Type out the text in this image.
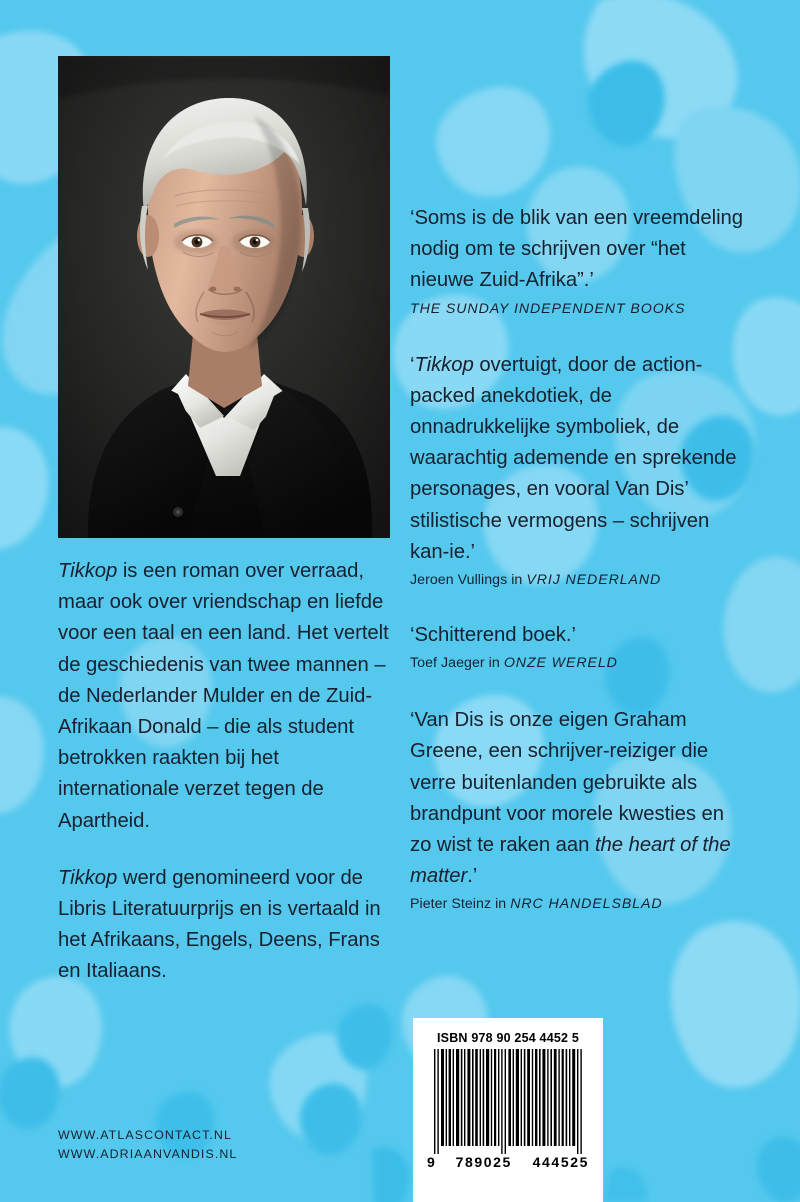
Tikkop is een roman over verraad, maar ook over vriendschap en liefde voor een taal en een land. Het vertelt de geschiedenis van twee mannen – de Nederlander Mulder en de Zuid-Afrikaan Donald – die als student betrokken raakten bij het internationale verzet tegen de Apartheid.

Tikkop werd genomineerd voor de Libris Literatuurprijs en is vertaald in het Afrikaans, Engels, Deens, Frans en Italiaans.

‘Soms is de blik van een vreemdeling nodig om te schrijven over “het nieuwe Zuid-Afrika”.’

THE SUNDAY INDEPENDENT BOOKS

‘Tikkop overtuigt, door de action-packed anekdotiek, de onnadrukkelijke symboliek, de waarachtig ademende en sprekende personages, en vooral Van Dis’ stilistische vermogens – schrijven kan-ie.’

Jeroen Vullings in VRIJ NEDERLAND

‘Schitterend boek.’

Toef Jaeger in ONZE WERELD

‘Van Dis is onze eigen Graham Greene, een schrijver-reiziger die verre buitenlanden gebruikte als brandpunt voor morele kwesties en zo wist te raken aan the heart of the matter.’

Pieter Steinz in NRC HANDELSBLAD

WWW.ATLASCONTACT.NL
WWW.ADRIAANVANDIS.NL
ISBN 978 90 254 4452 5
9 789025 444525
